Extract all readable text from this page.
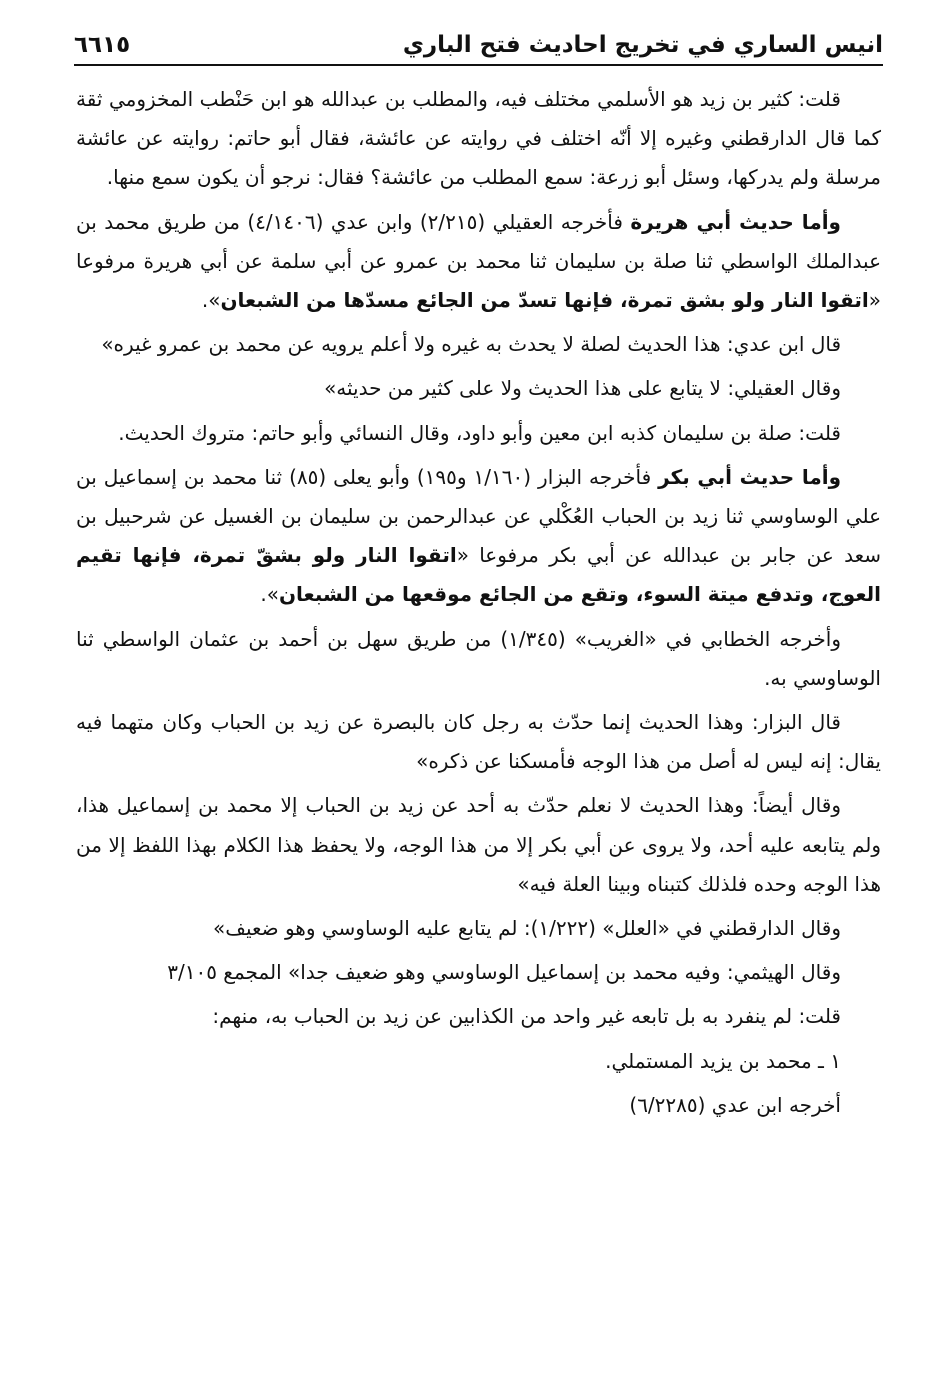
انيس الساري في تخريج احاديث فتح الباري
٦٦١٥

قلت: كثير بن زيد هو الأسلمي مختلف فيه، والمطلب بن عبدالله هو ابن حَنْطب المخزومي ثقة كما قال الدارقطني وغيره إلا أنّه اختلف في روايته عن عائشة، فقال أبو حاتم: روايته عن عائشة مرسلة ولم يدركها، وسئل أبو زرعة: سمع المطلب من عائشة؟ فقال: نرجو أن يكون سمع منها.

وأما حديث أبي هريرة فأخرجه العقيلي (٢/٢١٥) وابن عدي (٤/١٤٠٦) من طريق محمد بن عبدالملك الواسطي ثنا صلة بن سليمان ثنا محمد بن عمرو عن أبي سلمة عن أبي هريرة مرفوعا «اتقوا النار ولو بشق تمرة، فإنها تسدّ من الجائع مسدّها من الشبعان».

قال ابن عدي: هذا الحديث لصلة لا يحدث به غيره ولا أعلم يرويه عن محمد بن عمرو غيره»

وقال العقيلي: لا يتابع على هذا الحديث ولا على كثير من حديثه»

قلت: صلة بن سليمان كذبه ابن معين وأبو داود، وقال النسائي وأبو حاتم: متروك الحديث.

وأما حديث أبي بكر فأخرجه البزار (١/١٦٠ و١٩٥) وأبو يعلى (٨٥) ثنا محمد بن إسماعيل بن علي الوساوسي ثنا زيد بن الحباب العُكْلي عن عبدالرحمن بن سليمان بن الغسيل عن شرحبيل بن سعد عن جابر بن عبدالله عن أبي بكر مرفوعا «اتقوا النار ولو بشقّ تمرة، فإنها تقيم العوج، وتدفع ميتة السوء، وتقع من الجائع موقعها من الشبعان».

وأخرجه الخطابي في «الغريب» (١/٣٤٥) من طريق سهل بن أحمد بن عثمان الواسطي ثنا الوساوسي به.

قال البزار: وهذا الحديث إنما حدّث به رجل كان بالبصرة عن زيد بن الحباب وكان متهما فيه يقال: إنه ليس له أصل من هذا الوجه فأمسكنا عن ذكره»

وقال أيضاً: وهذا الحديث لا نعلم حدّث به أحد عن زيد بن الحباب إلا محمد بن إسماعيل هذا، ولم يتابعه عليه أحد، ولا يروى عن أبي بكر إلا من هذا الوجه، ولا يحفظ هذا الكلام بهذا اللفظ إلا من هذا الوجه وحده فلذلك كتبناه وبينا العلة فيه»

وقال الدارقطني في «العلل» (١/٢٢٢): لم يتابع عليه الوساوسي وهو ضعيف»

وقال الهيثمي: وفيه محمد بن إسماعيل الوساوسي وهو ضعيف جدا» المجمع ٣/١٠٥

قلت: لم ينفرد به بل تابعه غير واحد من الكذابين عن زيد بن الحباب به، منهم:

١ ـ محمد بن يزيد المستملي.

أخرجه ابن عدي (٦/٢٢٨٥)
